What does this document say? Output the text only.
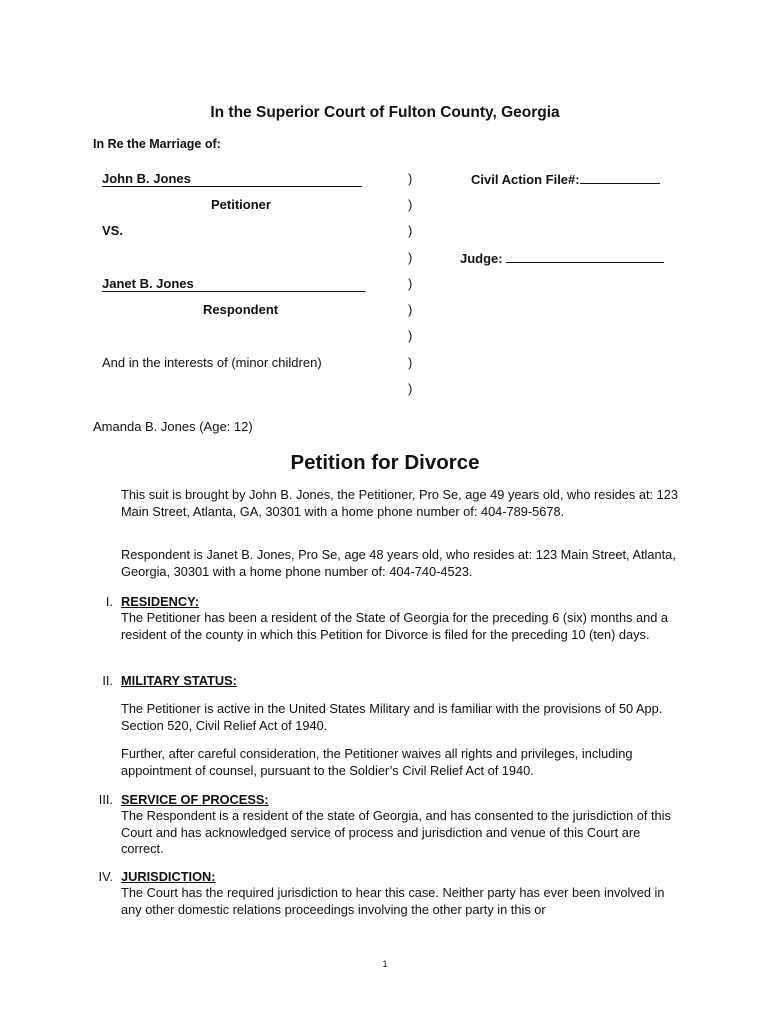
In the Superior Court of Fulton County, Georgia
In Re the Marriage of:
John B. Jones
Petitioner
VS.
Janet B. Jones
Respondent
And in the interests of (minor children)
)
)
)
)
)
)
)
)
)
Civil Action File#:
Judge:
Amanda B. Jones (Age: 12)
Petition for Divorce

This suit is brought by John B. Jones, the Petitioner, Pro Se, age 49 years old, who resides at: 123 Main Street, Atlanta, GA, 30301 with a home phone number of: 404-789-5678.

Respondent is Janet B. Jones, Pro Se, age 48 years old, who resides at: 123 Main Street, Atlanta, Georgia, 30301 with a home phone number of: 404-740-4523.

I. RESIDENCY:

The Petitioner has been a resident of the State of Georgia for the preceding 6 (six) months and a resident of the county in which this Petition for Divorce is filed for the preceding 10 (ten) days.

II. MILITARY STATUS:

The Petitioner is active in the United States Military and is familiar with the provisions of 50 App. Section 520, Civil Relief Act of 1940.

Further, after careful consideration, the Petitioner waives all rights and privileges, including appointment of counsel, pursuant to the Soldier’s Civil Relief Act of 1940.

III. SERVICE OF PROCESS:

The Respondent is a resident of the state of Georgia, and has consented to the jurisdiction of this Court and has acknowledged service of process and jurisdiction and venue of this Court are correct.

IV. JURISDICTION:

The Court has the required jurisdiction to hear this case. Neither party has ever been involved in any other domestic relations proceedings involving the other party in this or

1
